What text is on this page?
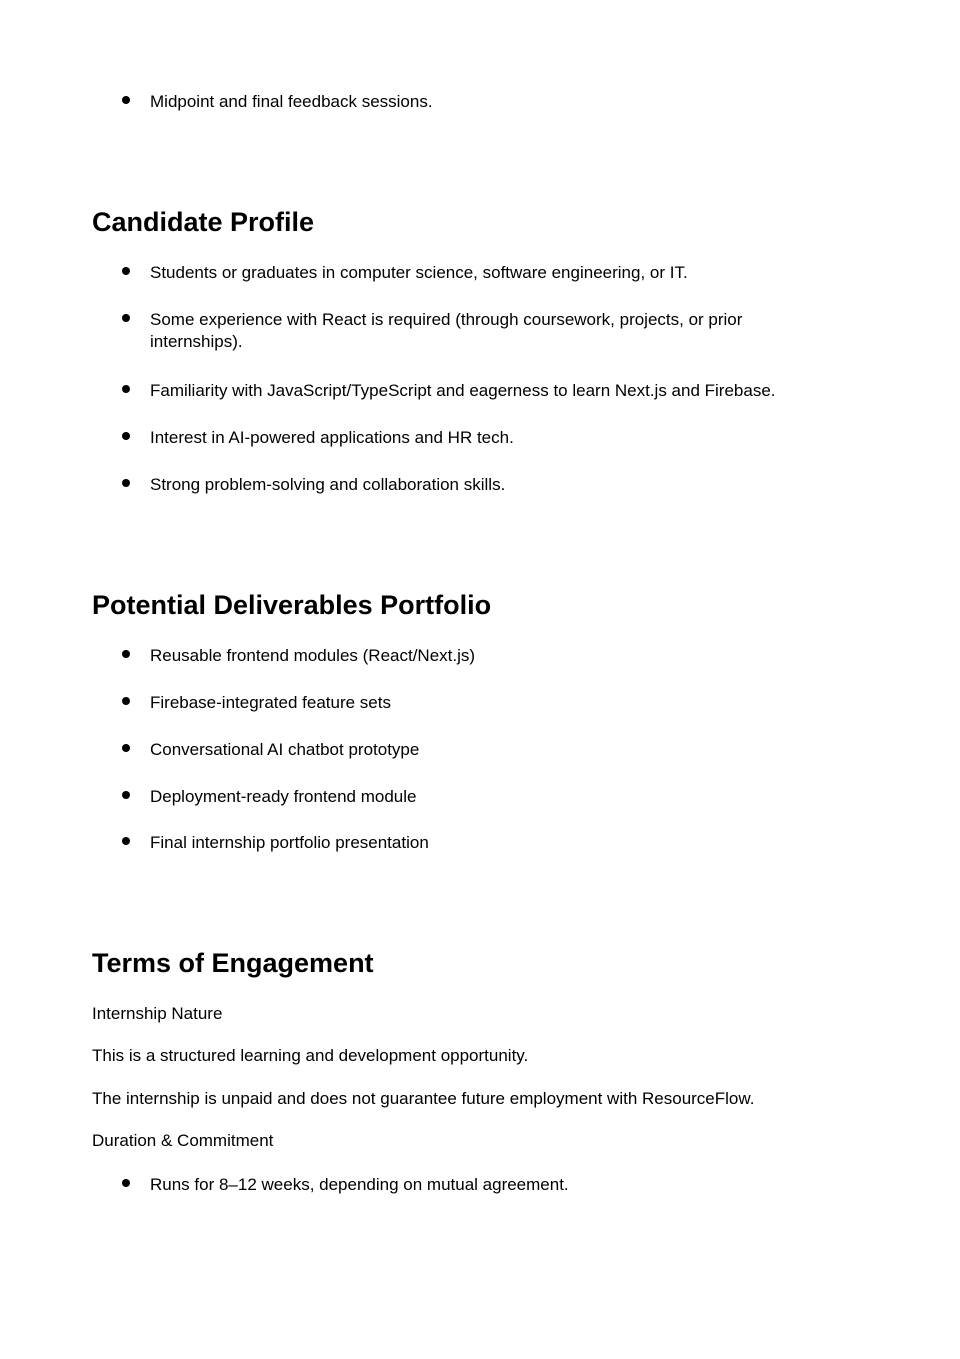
Midpoint and final feedback sessions.
Candidate Profile
Students or graduates in computer science, software engineering, or IT.
Some experience with React is required (through coursework, projects, or prior internships).
Familiarity with JavaScript/TypeScript and eagerness to learn Next.js and Firebase.
Interest in AI-powered applications and HR tech.
Strong problem-solving and collaboration skills.
Potential Deliverables Portfolio
Reusable frontend modules (React/Next.js)
Firebase-integrated feature sets
Conversational AI chatbot prototype
Deployment-ready frontend module
Final internship portfolio presentation
Terms of Engagement
Internship Nature
This is a structured learning and development opportunity.
The internship is unpaid and does not guarantee future employment with ResourceFlow.
Duration & Commitment
Runs for 8–12 weeks, depending on mutual agreement.
